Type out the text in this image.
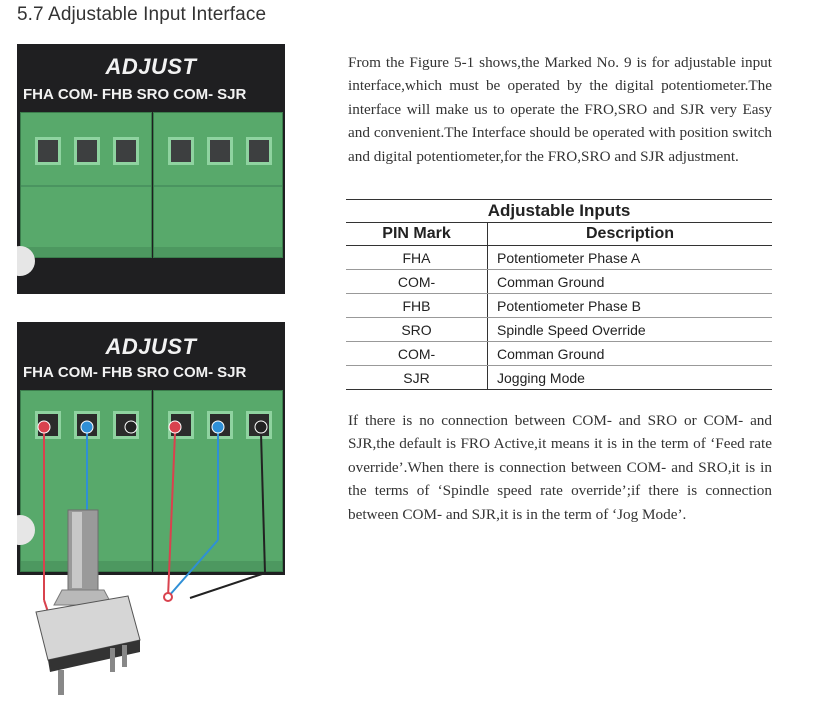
5.7 Adjustable Input Interface
ADJUST
FHA COM- FHB SRO COM- SJR
ADJUST
FHA COM- FHB SRO COM- SJR

From the Figure 5-1 shows,the Marked No. 9 is for adjustable input interface,which must be operated by the digital potentiometer.The interface will make us to operate the FRO,SRO and SJR very Easy and convenient.The Interface should be operated with position switch and digital potentiometer,for the FRO,SRO and SJR adjustment.

Adjustable Inputs
PIN Mark	Description
FHA	Potentiometer Phase A
COM-	Comman Ground
FHB	Potentiometer Phase B
SRO	Spindle Speed Override
COM-	Comman Ground
SJR	Jogging Mode

If there is no connection between COM- and SRO or COM- and SJR,the default is FRO Active,it means it is in the term of ‘Feed rate override’.When there is connection between COM- and SRO,it is in the terms of ‘Spindle speed rate override’;if there is connection between COM- and SJR,it is in the term of ‘Jog Mode’.
